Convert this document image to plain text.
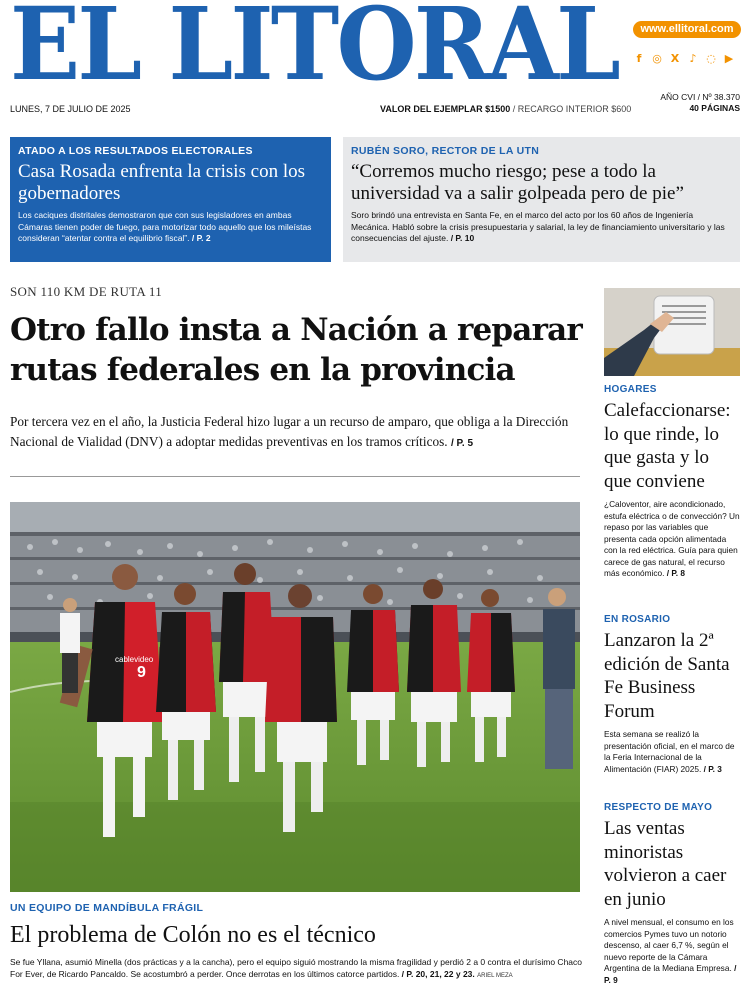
EL LITORAL	www.ellitoral.com
f ◎ X ♪ ◌ ▶
LUNES, 7 DE JULIO DE 2025	VALOR DEL EJEMPLAR $1500 / RECARGO INTERIOR $600
AÑO CVI / Nº 38.370
40 PÁGINAS
ATADO A LOS RESULTADOS ELECTORALES
Casa Rosada enfrenta la crisis con los gobernadores
Los caciques distritales demostraron que con sus legisladores en ambas Cámaras tienen poder de fuego, para motorizar todo aquello que los mileístas consideran “atentar contra el equilibrio fiscal”. / P. 2
RUBÉN SORO, RECTOR DE LA UTN
“Corremos mucho riesgo; pese a todo la universidad va a salir golpeada pero de pie”
Soro brindó una entrevista en Santa Fe, en el marco del acto por los 60 años de Ingeniería Mecánica. Habló sobre la crisis presupuestaria y salarial, la ley de financiamiento universitario y las consecuencias del ajuste. / P. 10
SON 110 KM DE RUTA 11
Otro fallo insta a Nación a reparar rutas federales en la provincia
Por tercera vez en el año, la Justicia Federal hizo lugar a un recurso de amparo, que obliga a la Dirección Nacional de Vialidad (DNV) a adoptar medidas preventivas en los tramos críticos. / P. 5
cablevideo
9
UN EQUIPO DE MANDÍBULA FRÁGIL
El problema de Colón no es el técnico
Se fue Yllana, asumió Minella (dos prácticas y a la cancha), pero el equipo siguió mostrando la misma fragilidad y perdió 2 a 0 contra el durísimo Chaco For Ever, de Ricardo Pancaldo. Se acostumbró a perder. Once derrotas en los últimos catorce partidos. / P. 20, 21, 22 y 23. ARIEL MEZA
HOGARES
Calefaccionarse: lo que rinde, lo que gasta y lo que conviene
¿Caloventor, aire acondicionado, estufa eléctrica o de convección? Un repaso por las variables que presenta cada opción alimentada con la red eléctrica. Guía para quien carece de gas natural, el recurso más económico. / P. 8
EN ROSARIO
Lanzaron la 2ª edición de Santa Fe Business Forum
Esta semana se realizó la presentación oficial, en el marco de la Feria Internacional de la Alimentación (FIAR) 2025. / P. 3
RESPECTO DE MAYO
Las ventas minoristas volvieron a caer en junio
A nivel mensual, el consumo en los comercios Pymes tuvo un notorio descenso, al caer 6,7 %, según el nuevo reporte de la Cámara Argentina de la Mediana Empresa. / P. 9
